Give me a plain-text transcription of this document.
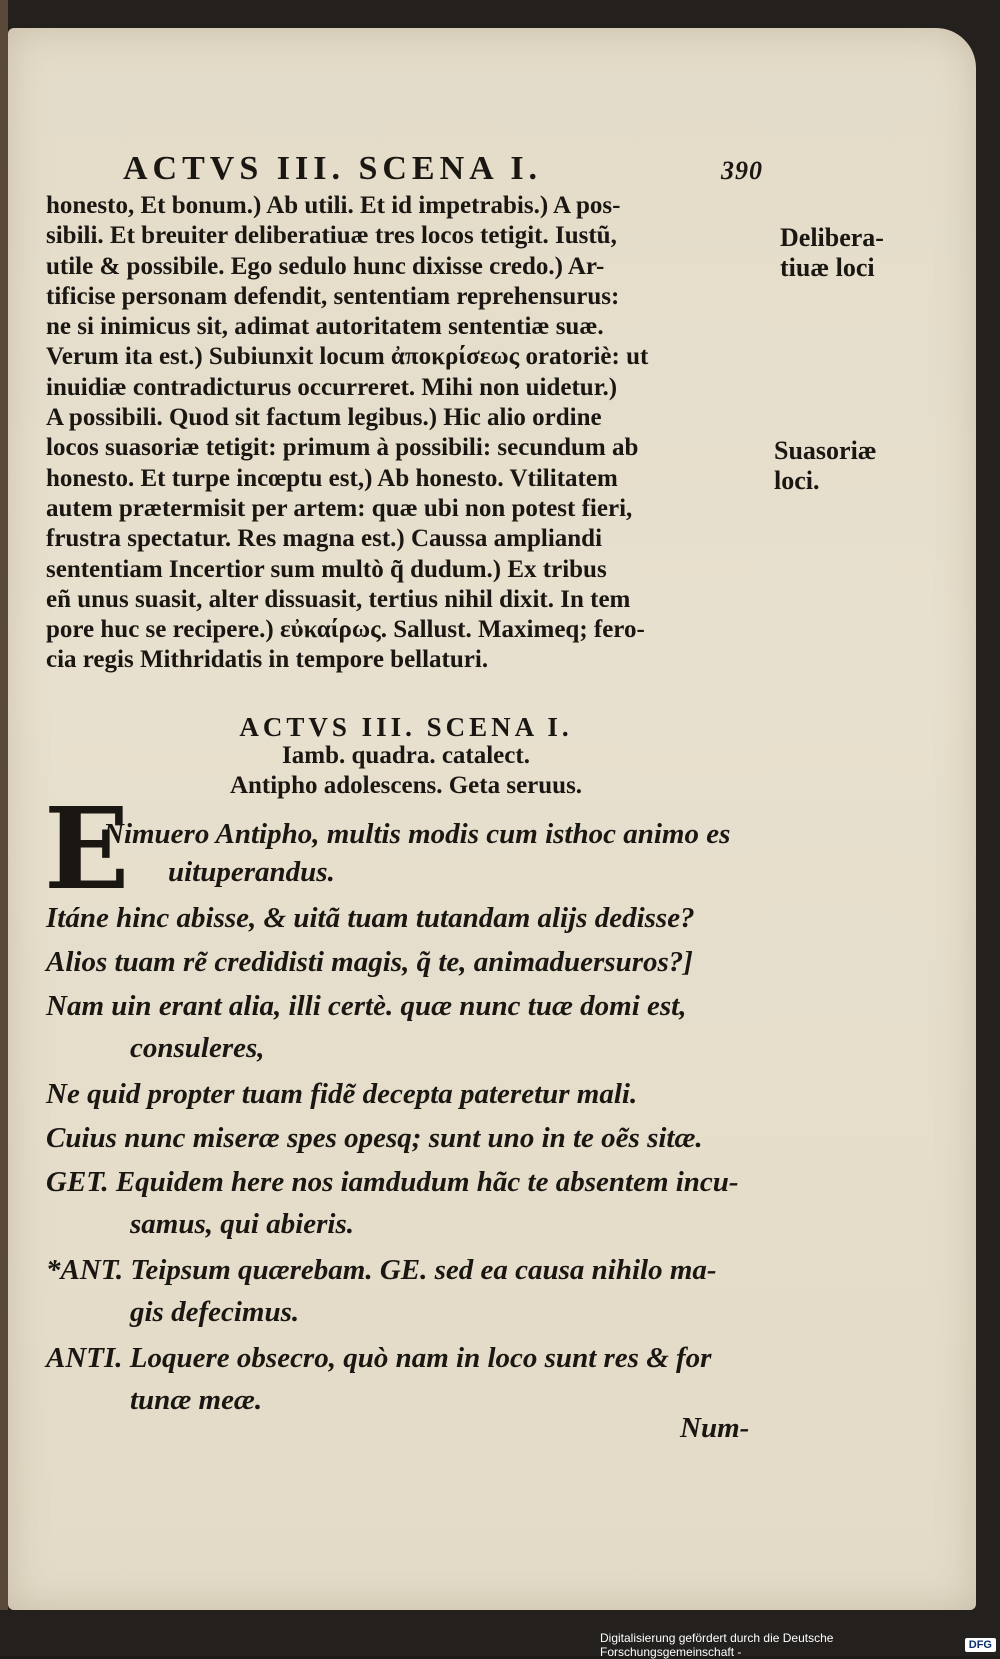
ACTVS III. SCENA I.	390
honesto, Et bonum.) Ab utili. Et id impetrabis.) A pos-
sibili. Et breuiter deliberatiuæ tres locos tetigit. Iustũ,
utile & possibile. Ego sedulo hunc dixisse credo.) Ar-
tificise personam defendit, sententiam reprehensurus:
ne si inimicus sit, adimat autoritatem sententiæ suæ.
Verum ita est.) Subiunxit locum ἀποκρίσεως oratoriè: ut
inuidiæ contradicturus occurreret. Mihi non uidetur.)
A possibili. Quod sit factum legibus.) Hic alio ordine
locos suasoriæ tetigit: primum à possibili: secundum ab
honesto. Et turpe incœptu est,) Ab honesto. Vtilitatem
autem prætermisit per artem: quæ ubi non potest fieri,
frustra spectatur. Res magna est.) Caussa ampliandi
sententiam Incertior sum multò q̃ dudum.) Ex tribus
eñ unus suasit, alter dissuasit, tertius nihil dixit. In tem
pore huc se recipere.) εὐκαίρως. Sallust. Maximeq; fero-
cia regis Mithridatis in tempore bellaturi.
Delibera-
tiuæ loci
Suasoriæ
loci.
ACTVS III. SCENA I.
Iamb. quadra. catalect.
Antipho adolescens. Geta seruus.
E
Nimuero Antipho, multis modis cum isthoc animo es
uituperandus.
Itáne hinc abisse, & uitã tuam tutandam alijs dedisse?
Alios tuam rẽ credidisti magis, q̃ te, animaduersuros?]
Nam uin erant alia, illi certè. quæ nunc tuæ domi est,
consuleres,
Ne quid propter tuam fidẽ decepta pateretur mali.
Cuius nunc miseræ spes opesq; sunt uno in te oẽs sitæ.
GET. Equidem here nos iamdudum hãc te absentem incu-
samus, qui abieris.
*ANT. Teipsum quærebam. GE. sed ea causa nihilo ma-
gis defecimus.
ANTI. Loquere obsecro, quò nam in loco sunt res & for
tunæ meæ.
Num-
Digitalisierung gefördert durch die Deutsche Forschungsgemeinschaft -	DFG
